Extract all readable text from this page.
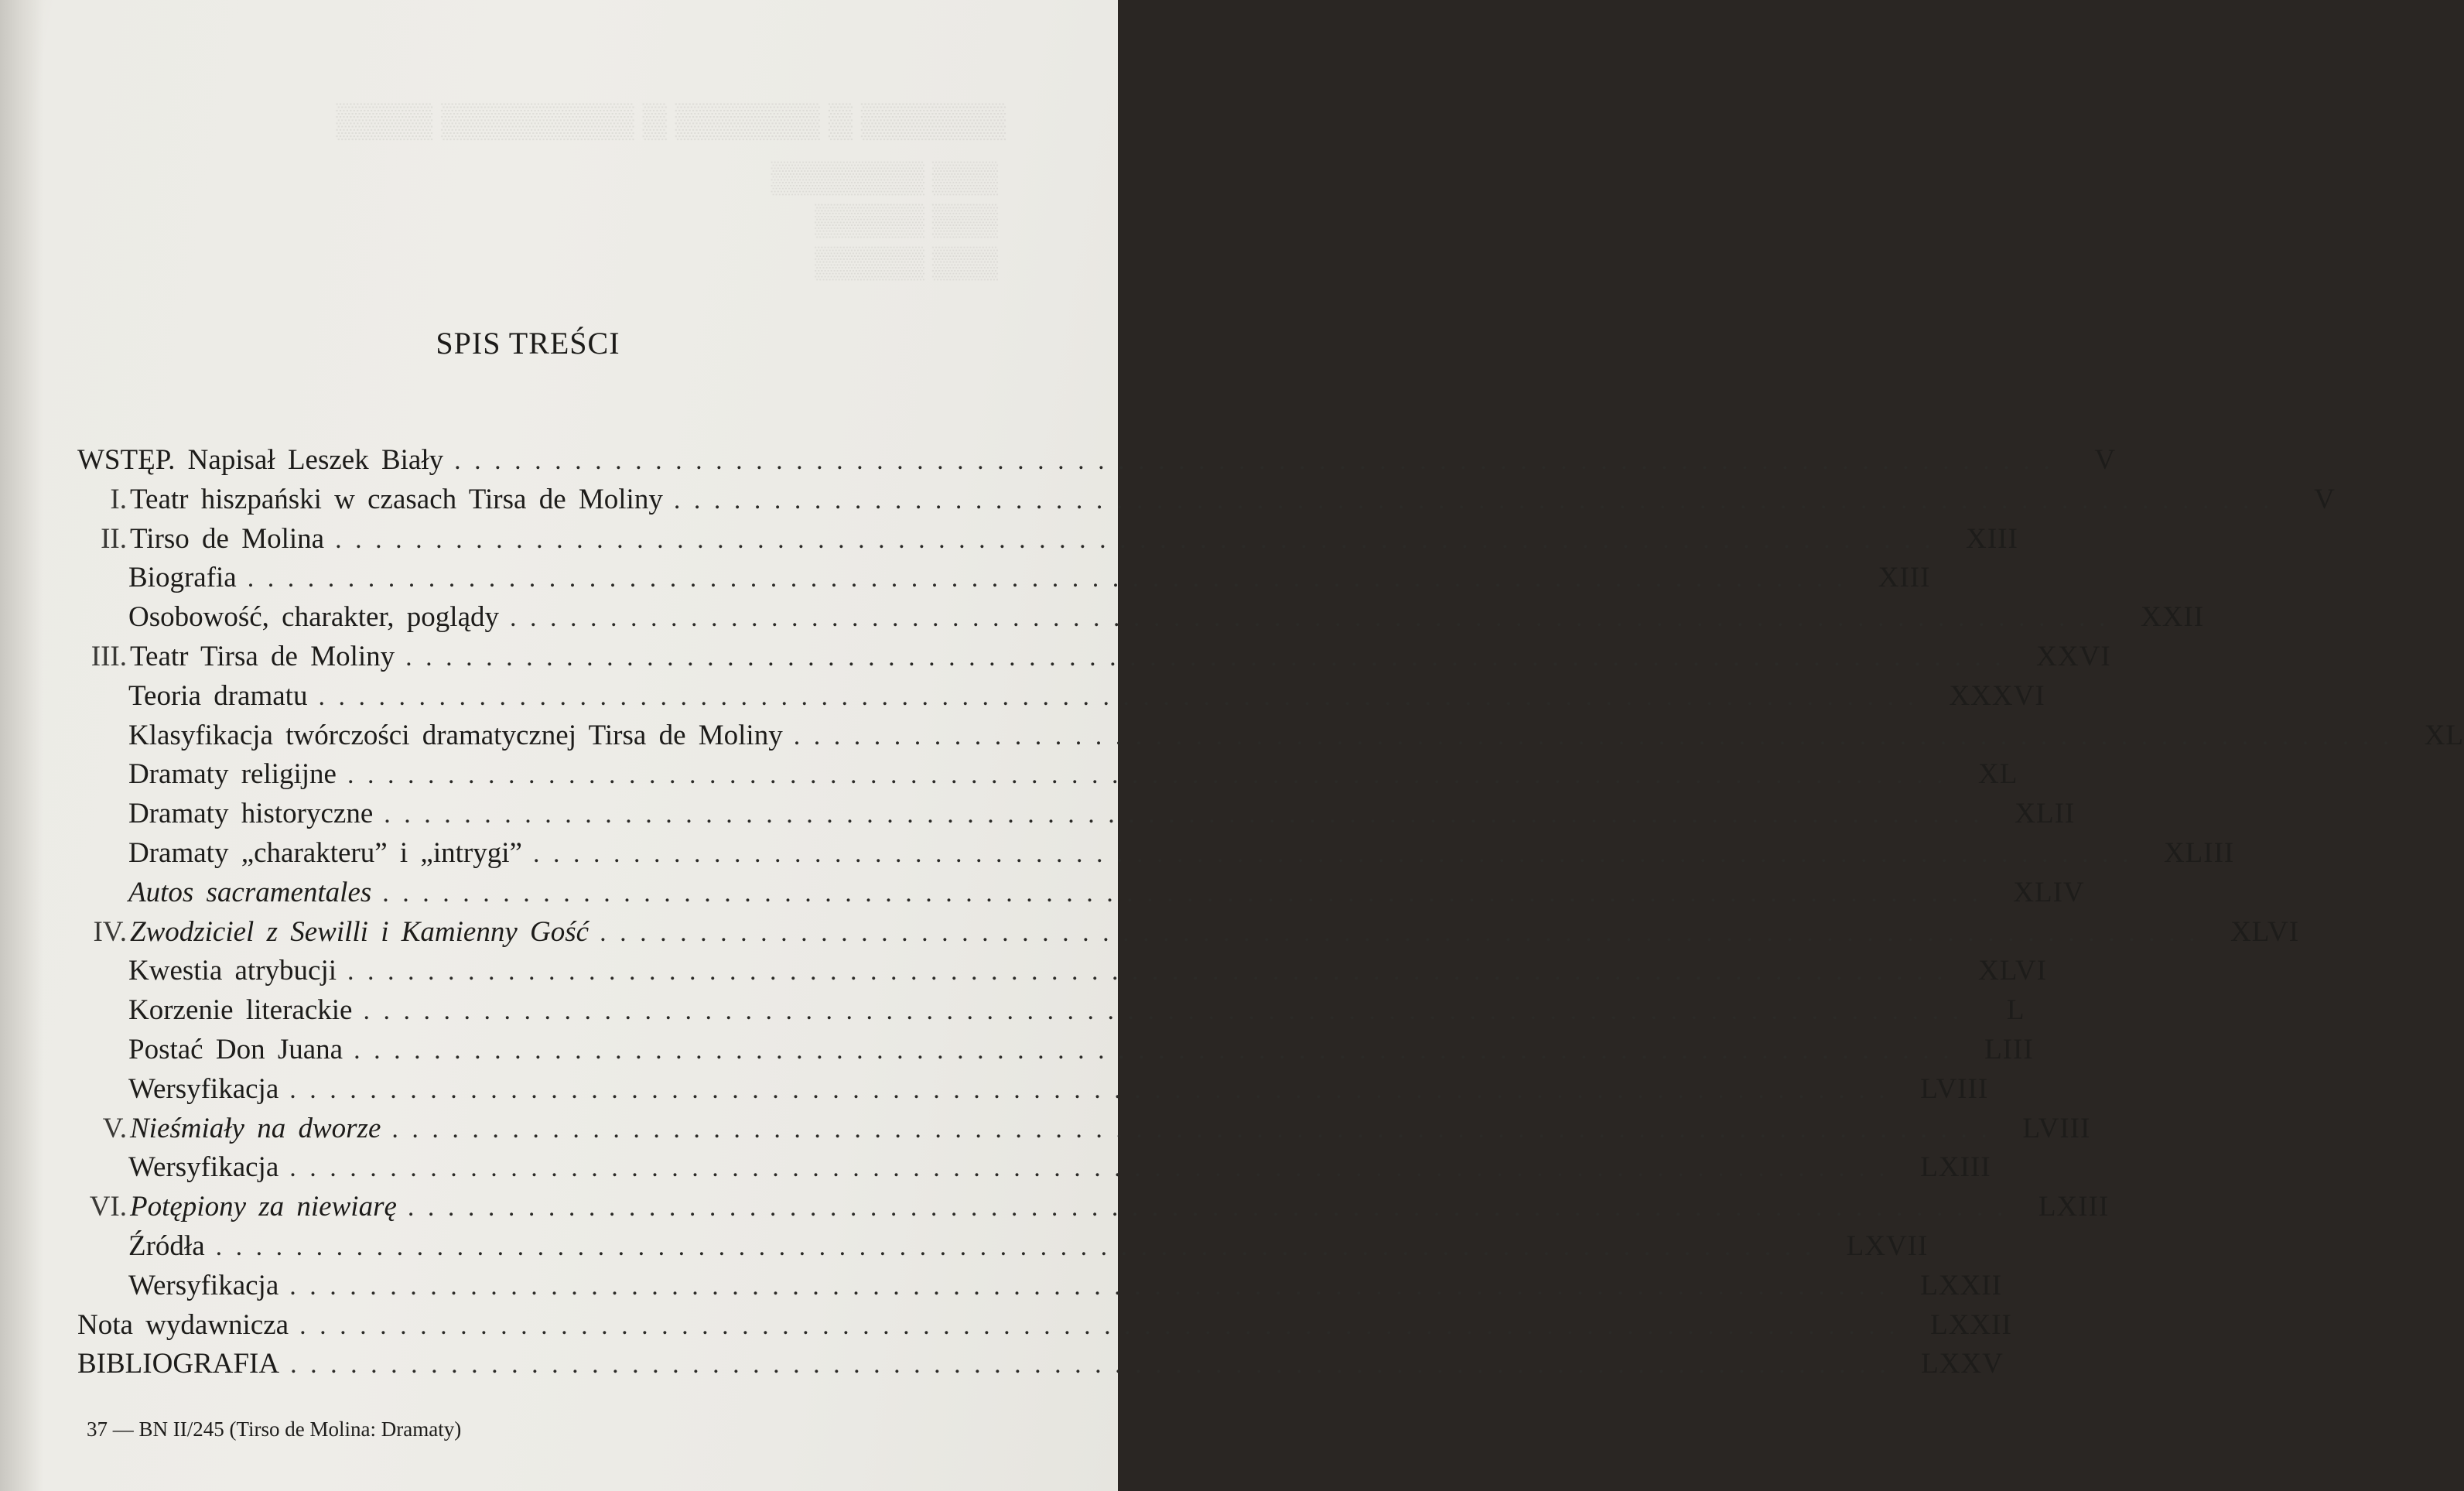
▒▒▒▒▒▒ ▒ ▒▒▒▒▒▒ ▒ ▒▒▒▒▒▒▒▒ ▒▒▒▒
▒▒▒ ▒▒▒▒▒▒▒
▒▒▒ ▒▒▒▒▒
▒▒▒ ▒▒▒▒▒
SPIS TREŚCI
WSTĘP. Napisał Leszek Biały ................................................................................	V
I. Teatr hiszpański w czasach Tirsa de Moliny ................................................................................	V
II. Tirso de Molina ................................................................................ XIII
Biografia ................................................................................ XIII
Osobowość, charakter, poglądy ................................................................................ XXII
III. Teatr Tirsa de Moliny ................................................................................ XXVI
Teoria dramatu ................................................................................ XXXVI
Klasyfikacja twórczości dramatycznej Tirsa de Moliny ................................................................................ XL
Dramaty religijne ................................................................................ XL
Dramaty historyczne ................................................................................ XLII
Dramaty „charakteru” i „intrygi” ................................................................................ XLIII
Autos sacramentales ................................................................................ XLIV
IV. Zwodziciel z Sewilli i Kamienny Gość ................................................................................ XLVI
Kwestia atrybucji ................................................................................ XLVI
Korzenie literackie ................................................................................	L
Postać Don Juana ................................................................................ LIII
Wersyfikacja ................................................................................ LVIII
V. Nieśmiały na dworze ................................................................................ LVIII
Wersyfikacja ................................................................................ LXIII
VI. Potępiony za niewiarę ................................................................................ LXIII
Źródła ................................................................................ LXVII
Wersyfikacja ................................................................................ LXXII
Nota wydawnicza ................................................................................ LXXII
BIBLIOGRAFIA ................................................................................ LXXV
37 — BN II/245 (Tirso de Molina: Dramaty)
